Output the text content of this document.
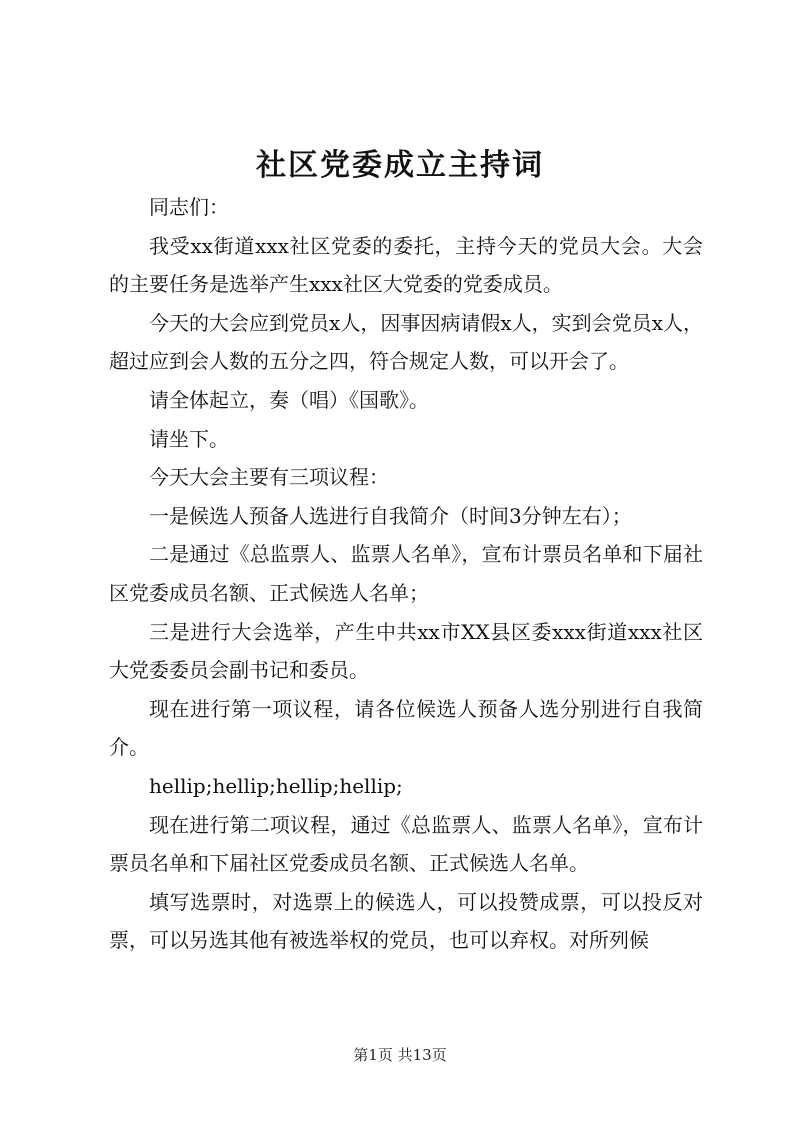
社区党委成立主持词

同志们：

我受xx街道xxx社区党委的委托，主持今天的党员大会。大会的主要任务是选举产生xxx社区大党委的党委成员。

今天的大会应到党员x人，因事因病请假x人，实到会党员x人，超过应到会人数的五分之四，符合规定人数，可以开会了。

请全体起立，奏（唱）《国歌》。

请坐下。

今天大会主要有三项议程：

一是候选人预备人选进行自我简介（时间3分钟左右）；

二是通过《总监票人、监票人名单》，宣布计票员名单和下届社区党委成员名额、正式候选人名单；

三是进行大会选举，产生中共xx市XX县区委xxx街道xxx社区大党委委员会副书记和委员。

现在进行第一项议程，请各位候选人预备人选分别进行自我简介。

hellip;hellip;hellip;hellip;

现在进行第二项议程，通过《总监票人、监票人名单》，宣布计票员名单和下届社区党委成员名额、正式候选人名单。

填写选票时，对选票上的候选人，可以投赞成票，可以投反对票，可以另选其他有被选举权的党员，也可以弃权。对所列候

第1页 共13页
